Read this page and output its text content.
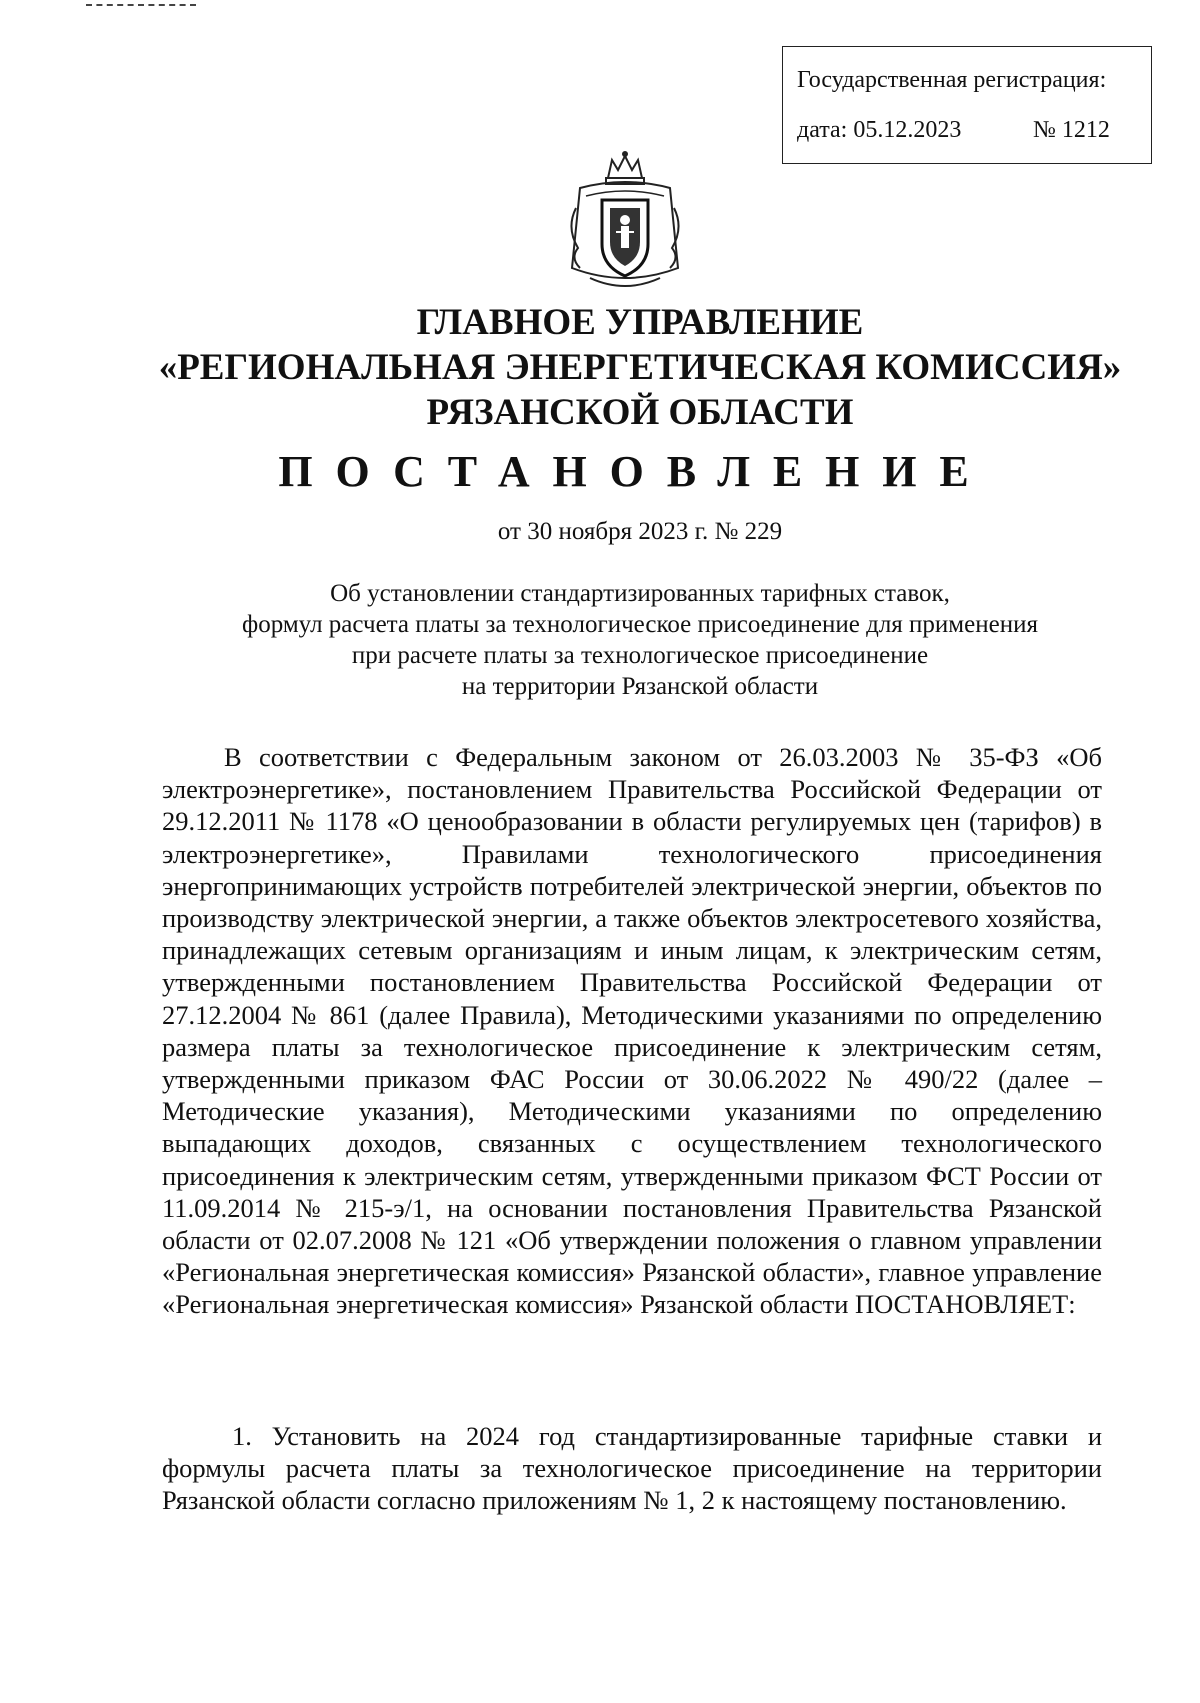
Государственная регистрация:
дата: 05.12.2023	№ 1212
ГЛАВНОЕ УПРАВЛЕНИЕ
«РЕГИОНАЛЬНАЯ ЭНЕРГЕТИЧЕСКАЯ КОМИССИЯ»
РЯЗАНСКОЙ ОБЛАСТИ
ПОСТАНОВЛЕНИЕ
от 30 ноября 2023 г. № 229
Об установлении стандартизированных тарифных ставок,
формул расчета платы за технологическое присоединение для применения
при расчете платы за технологическое присоединение
на территории Рязанской области

В соответствии с Федеральным законом от 26.03.2003 № 35-ФЗ «Об электроэнергетике», постановлением Правительства Российской Федерации от 29.12.2011 № 1178 «О ценообразовании в области регулируемых цен (тарифов) в электроэнергетике», Правилами технологического присоединения энергопринимающих устройств потребителей электрической энергии, объектов по производству электрической энергии, а также объектов электросетевого хозяйства, принадлежащих сетевым организациям и иным лицам, к электрическим сетям, утвержденными постановлением Правительства Российской Федерации от 27.12.2004 № 861 (далее Правила), Методическими указаниями по определению размера платы за технологическое присоединение к электрическим сетям, утвержденными приказом ФАС России от 30.06.2022 № 490/22 (далее – Методические указания), Методическими указаниями по определению выпадающих доходов, связанных с осуществлением технологического присоединения к электрическим сетям, утвержденными приказом ФСТ России от 11.09.2014 № 215-э/1, на основании постановления Правительства Рязанской области от 02.07.2008 № 121 «Об утверждении положения о главном управлении «Региональная энергетическая комиссия» Рязанской области», главное управление «Региональная энергетическая комиссия» Рязанской области ПОСТАНОВЛЯЕТ:

1. Установить на 2024 год стандартизированные тарифные ставки и формулы расчета платы за технологическое присоединение на территории Рязанской области согласно приложениям № 1, 2 к настоящему постановлению.
